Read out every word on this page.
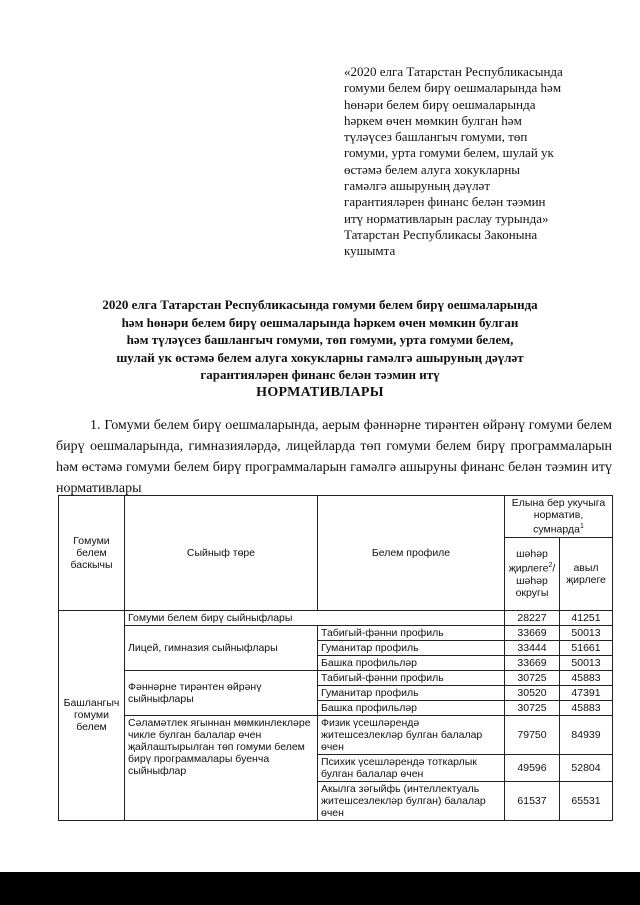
«2020 елга Татарстан Республикасында
гомуми белем бирү оешмаларында һәм
һөнәри белем бирү оешмаларында
һәркем өчен мөмкин булган һәм
түләүсез башлангыч гомуми, төп
гомуми, урта гомуми белем, шулай ук
өстәмә белем алуга хокукларны
гамәлгә ашыруның дәүләт
гарантияләрен финанс белән тәэмин
итү нормативларын раслау турында»
Татарстан Республикасы Законына
кушымта
2020 елга Татарстан Республикасында гомуми белем бирү оешмаларында
һәм һөнәри белем бирү оешмаларында һәркем өчен мөмкин булган
һәм түләүсез башлангыч гомуми, төп гомуми, урта гомуми белем,
шулай ук өстәмә белем алуга хокукларны гамәлгә ашыруның дәүләт
гарантияләрен финанс белән тәэмин итү
НОРМАТИВЛАРЫ
1. Гомуми белем бирү оешмаларында, аерым фәннәрне тирәнтен өйрәнү гомуми белем бирү оешмаларында, гимназияләрдә, лицейларда төп гомуми белем бирү программаларын һәм өстәмә гомуми белем бирү программаларын гамәлгә ашыруны финанс белән тәэмин итү нормативлары
Гомуми белем баскычы	Сыйныф төре	Белем профиле	Елына бер укучыга норматив, сумнарда$^1$
			шәһәр җирлеге$^2$/ шәһәр округы	авыл җирлеге
Башлангыч гомуми белем	Гомуми белем бирү сыйныфлары		28227	41251
	Лицей, гимназия сыйныфлары	Табигый-фәнни профиль	33669	50013
		Гуманитар профиль	33444	51661
		Башка профильләр	33669	50013
	Фәннәрне тирәнтен өйрәнү сыйныфлары	Табигый-фәнни профиль	30725	45883
		Гуманитар профиль	30520	47391
		Башка профильләр	30725	45883
	Сәламәтлек ягыннан мөмкинлекләре чикле булган балалар өчен җайлаштырылган төп гомуми белем бирү программалары буенча сыйныфлар	Физик үсешләрендә житешсезлекләр булган балалар өчен	79750	84939
		Психик үсешләрендә тоткарлык булган балалар өчен	49596	52804
		Акылга зәгыйфь (интеллектуаль житешсезлекләр булган) балалар өчен	61537	65531
